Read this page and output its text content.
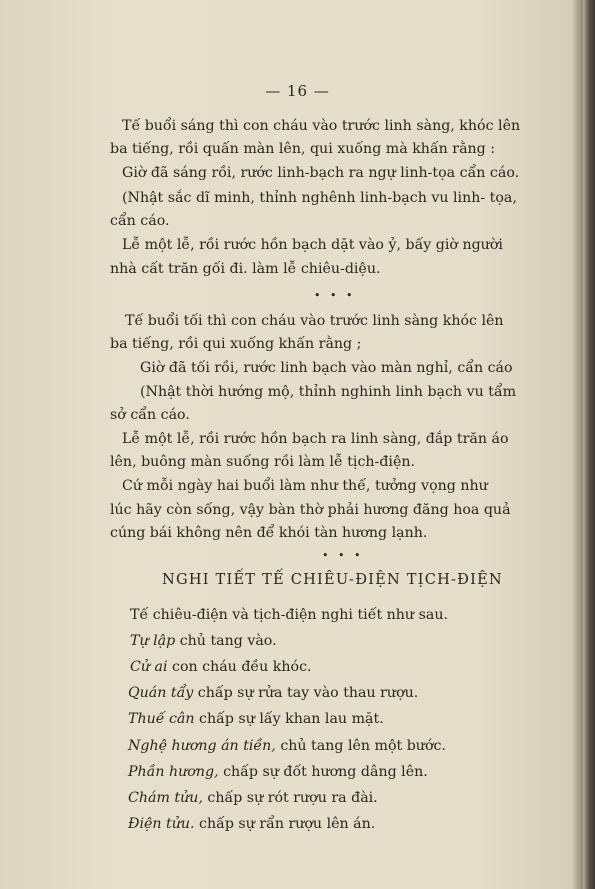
— 16 —
Tế buổi sáng thì con cháu vào trước linh sàng, khóc lên
ba tiếng, rồi quấn màn lên, qui xuống mà khấn rằng :
Giờ đã sáng rồi, rước linh-bạch ra ngự linh-tọa cẩn cáo.
(Nhật sắc dĩ minh, thỉnh nghênh linh-bạch vu linh- tọa,
cẩn cáo.
Lễ một lễ, rồi rước hồn bạch dặt vào ỷ, bấy giờ người
nhà cất trăn gối đi. làm lễ chiêu-diệu.
• • •
Tế buổi tối thì con cháu vào trước linh sàng khóc lên
ba tiếng, rồi qui xuống khấn rằng ;
Giờ đã tối rồi, rước linh bạch vào màn nghỉ, cẩn cáo
(Nhật thời hướng mộ, thỉnh nghinh linh bạch vu tẩm
sở cẩn cáo.
Lễ một lễ, rồi rước hồn bạch ra linh sàng, đắp trăn áo
lên, buông màn suống rồi làm lễ tịch-điện.
Cứ mỗi ngày hai buổi làm như thế, tưởng vọng như
lúc hãy còn sống, vậy bàn thờ phải hương đăng hoa quả
cúng bái không nên để khói tàn hương lạnh.
• • •
NGHI TIẾT TẾ CHIÊU-ĐIỆN TỊCH-ĐIỆN
Tế chiêu-điện và tịch-điện nghi tiết như sau.
Tự lập chủ tang vào.
Cử ai con cháu đều khóc.
Quán tẩy chấp sự rửa tay vào thau rượu.
Thuế cân chấp sự lấy khan lau mặt.
Nghệ hương án tiền, chủ tang lên một bước.
Phần hương, chấp sự đốt hương dâng lên.
Chám tửu, chấp sự rót rượu ra đài.
Điện tửu. chấp sự rẩn rượu lên án.
